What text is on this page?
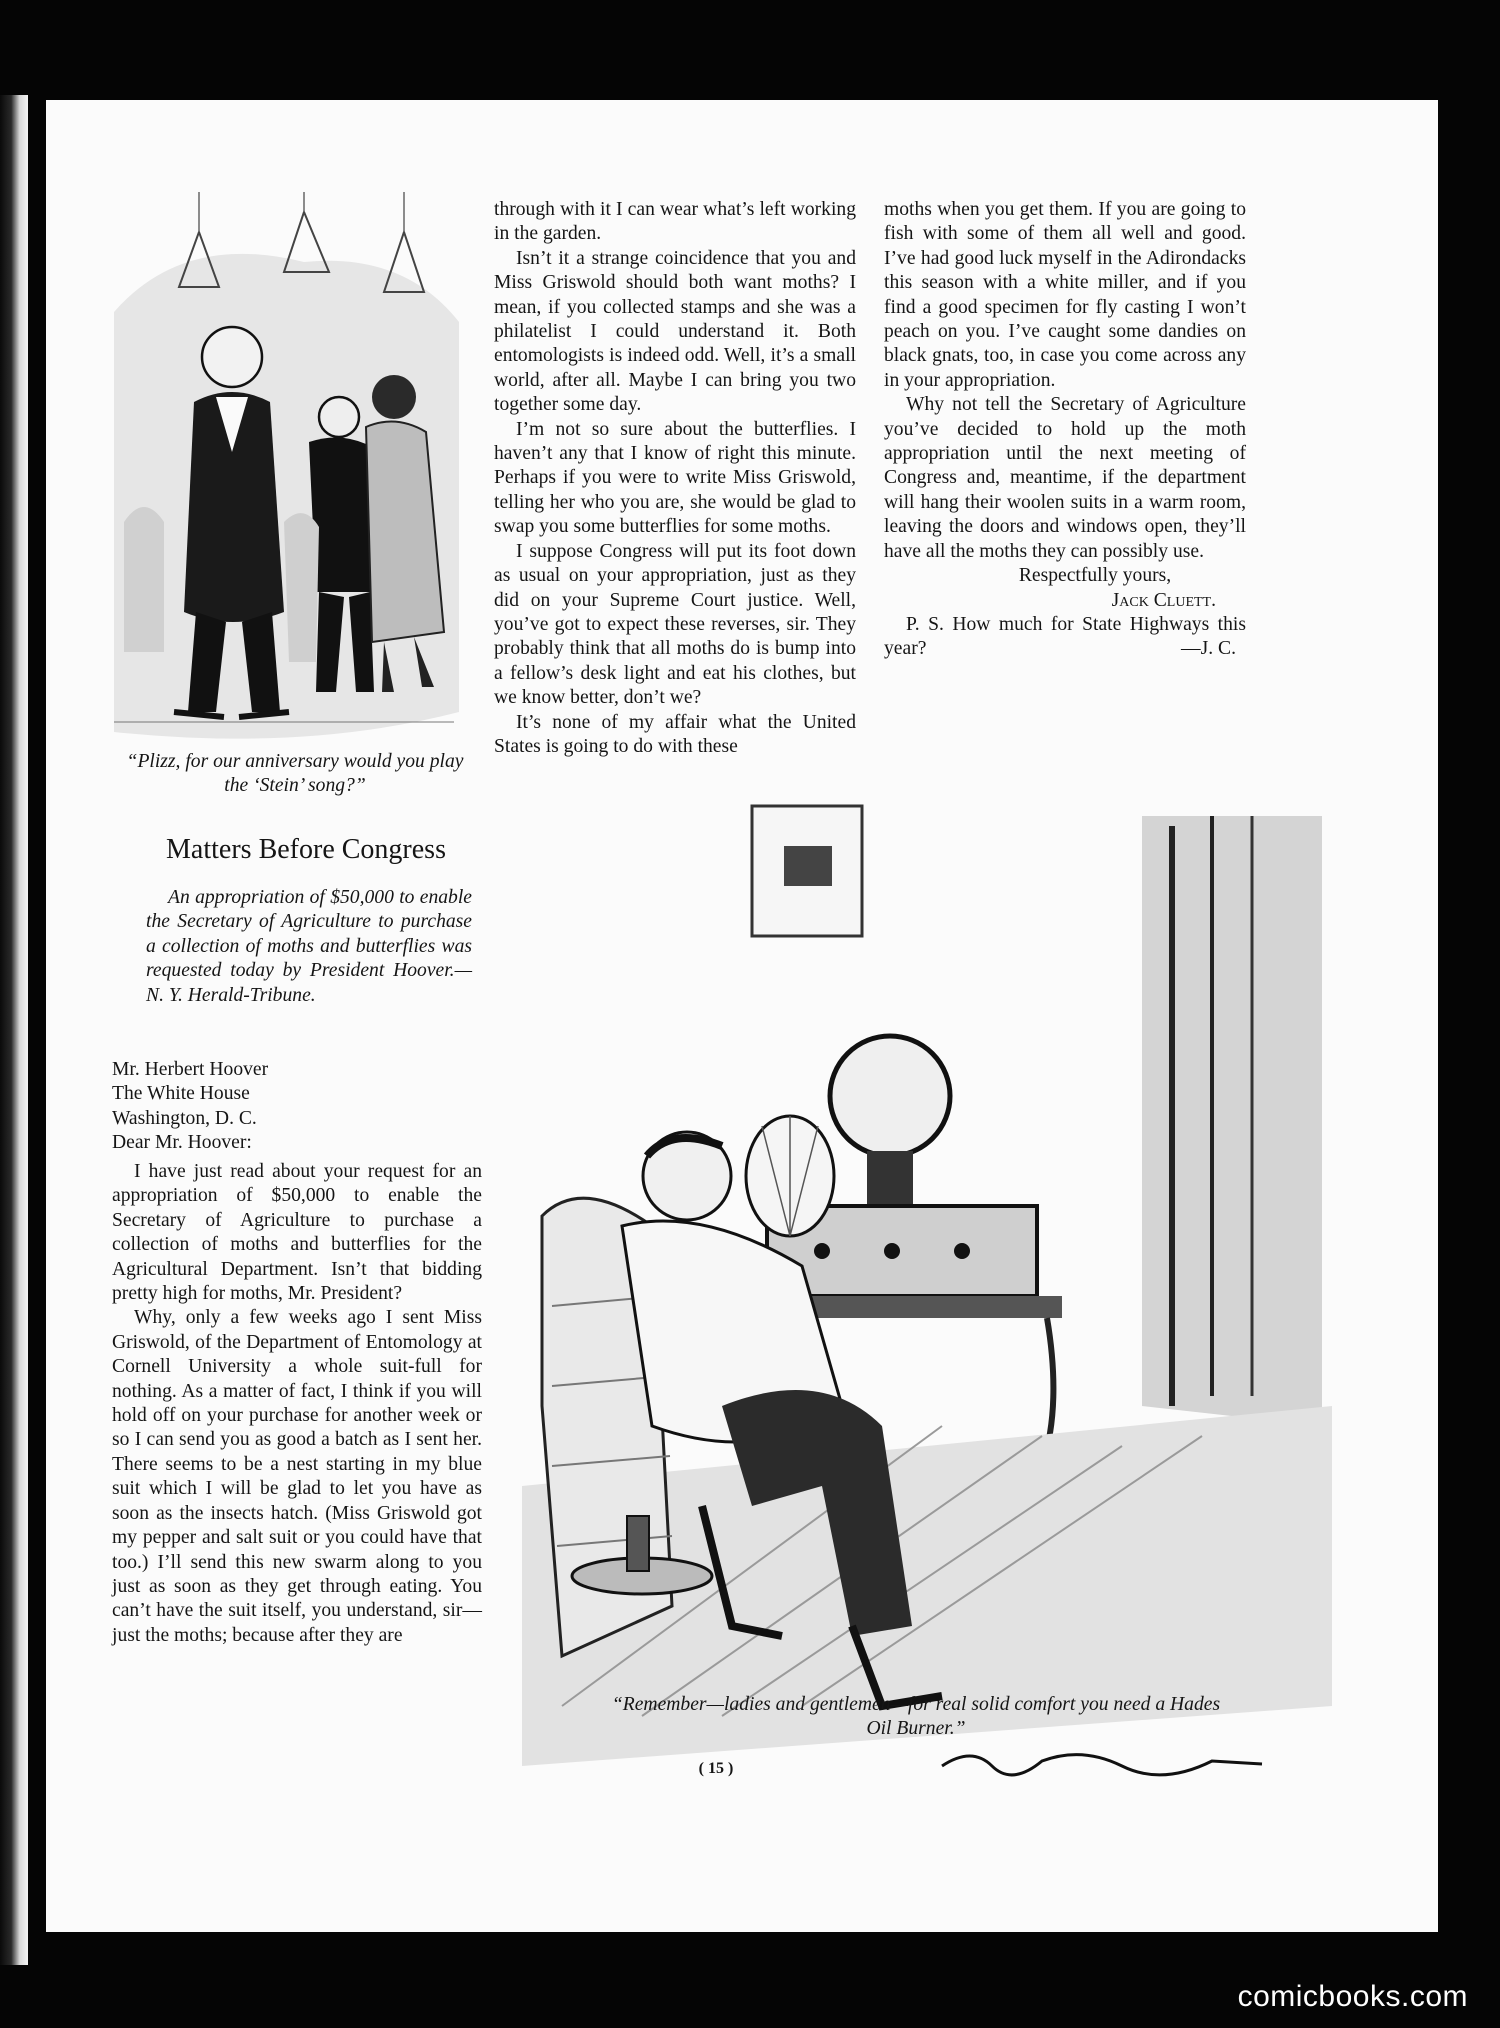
“Plizz, for our anniversary would you play the ‘Stein’ song?”
Matters Before Congress

An appropriation of $50,000 to enable the Secretary of Agriculture to purchase a collection of moths and butterflies was requested today by President Hoover.—N. Y. Herald-Tribune.

Mr. Herbert Hoover
The White House
Washington, D. C.
Dear Mr. Hoover:

I have just read about your request for an appropriation of $50,000 to enable the Secretary of Agriculture to purchase a collection of moths and butterflies for the Agricultural Department. Isn’t that bidding pretty high for moths, Mr. President?

Why, only a few weeks ago I sent Miss Griswold, of the Department of Entomology at Cornell University a whole suit-full for nothing. As a matter of fact, I think if you will hold off on your purchase for another week or so I can send you as good a batch as I sent her. There seems to be a nest starting in my blue suit which I will be glad to let you have as soon as the insects hatch. (Miss Griswold got my pepper and salt suit or you could have that too.) I’ll send this new swarm along to you just as soon as they get through eating. You can’t have the suit itself, you understand, sir—just the moths; because after they are

through with it I can wear what’s left working in the garden.

Isn’t it a strange coincidence that you and Miss Griswold should both want moths? I mean, if you collected stamps and she was a philatelist I could understand it. Both entomologists is indeed odd. Well, it’s a small world, after all. Maybe I can bring you two together some day.

I’m not so sure about the butterflies. I haven’t any that I know of right this minute. Perhaps if you were to write Miss Griswold, telling her who you are, she would be glad to swap you some butterflies for some moths.

I suppose Congress will put its foot down as usual on your appropriation, just as they did on your Supreme Court justice. Well, you’ve got to expect these reverses, sir. They probably think that all moths do is bump into a fellow’s desk light and eat his clothes, but we know better, don’t we?

It’s none of my affair what the United States is going to do with these

moths when you get them. If you are going to fish with some of them all well and good. I’ve had good luck myself in the Adirondacks this season with a white miller, and if you find a good specimen for fly casting I won’t peach on you. I’ve caught some dandies on black gnats, too, in case you come across any in your appropriation.

Why not tell the Secretary of Agriculture you’ve decided to hold up the moth appropriation until the next meeting of Congress and, meantime, if the department will hang their woolen suits in a warm room, leaving the doors and windows open, they’ll have all the moths they can possibly use.

Respectfully yours,

Jack Cluett.

P. S. How much for State Highways this year?	—J. C.

“Remember—ladies and gentlemen—for real solid comfort you need a Hades Oil Burner.”
( 15 )
comicbooks.com
